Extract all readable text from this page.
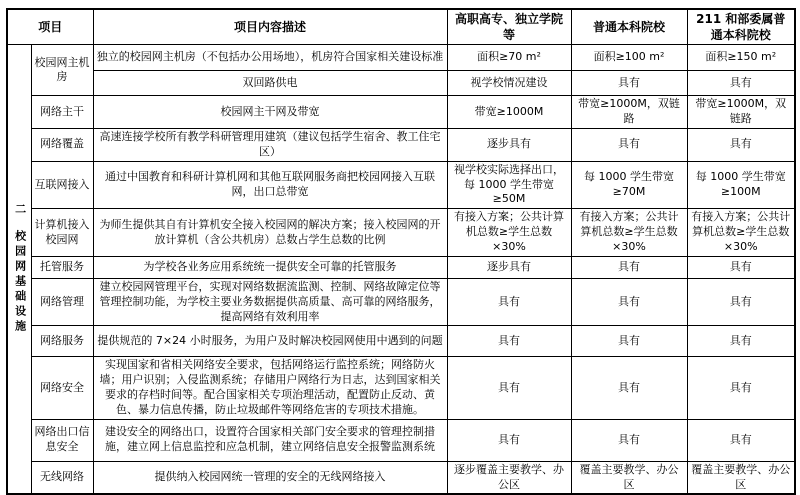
项目		项目内容描述	高职高专、独立学院等	普通本科院校	211 和部委属普通本科院校

二
校园网基础设施	校园网主机房	独立的校园网主机房（不包括办公用场地），机房符合国家相关建设标准	面积≥70 m²	面积≥100 m²	面积≥150 m²
		双回路供电	视学校情况建设	具有	具有
	网络主干	校园网主干网及带宽	带宽≥1000M	带宽≥1000M，双链路	带宽≥1000M，双链路
	网络覆盖	高速连接学校所有教学科研管理用建筑（建议包括学生宿舍、教工住宅区）	逐步具有	具有	具有
	互联网接入	通过中国教育和科研计算机网和其他互联网服务商把校园网接入互联网，出口总带宽	视学校实际选择出口，每 1000 学生带宽≥50M	每 1000 学生带宽≥70M	每 1000 学生带宽≥100M
	计算机接入校园网	为师生提供其自有计算机安全接入校园网的解决方案；接入校园网的开放计算机（含公共机房）总数占学生总数的比例	有接入方案；公共计算机总数≥学生总数×30%	有接入方案；公共计算机总数≥学生总数×30%	有接入方案；公共计算机总数≥学生总数×30%
	托管服务	为学校各业务应用系统统一提供安全可靠的托管服务	逐步具有	具有	具有
	网络管理	建立校园网管理平台，实现对网络数据流监测、控制、网络故障定位等管理控制功能，为学校主要业务数据提供高质量、高可靠的网络服务，提高网络有效利用率	具有	具有	具有
	网络服务	提供规范的 7×24 小时服务，为用户及时解决校园网使用中遇到的问题	具有	具有	具有
	网络安全	实现国家和省相关网络安全要求，包括网络运行监控系统；网络防火墙；用户识别；入侵监测系统；存储用户网络行为日志，达到国家相关要求的存档时间等。配合国家相关专项治理活动，配置防止反动、黄色、暴力信息传播，防止垃圾邮件等网络危害的专项技术措施。	具有	具有	具有
	网络出口信息安全	建设安全的网络出口，设置符合国家相关部门安全要求的管理控制措施，建立网上信息监控和应急机制，建立网络信息安全报警监测系统	具有	具有	具有
	无线网络	提供纳入校园网统一管理的安全的无线网络接入	逐步覆盖主要教学、办公区	覆盖主要教学、办公区	覆盖主要教学、办公区
